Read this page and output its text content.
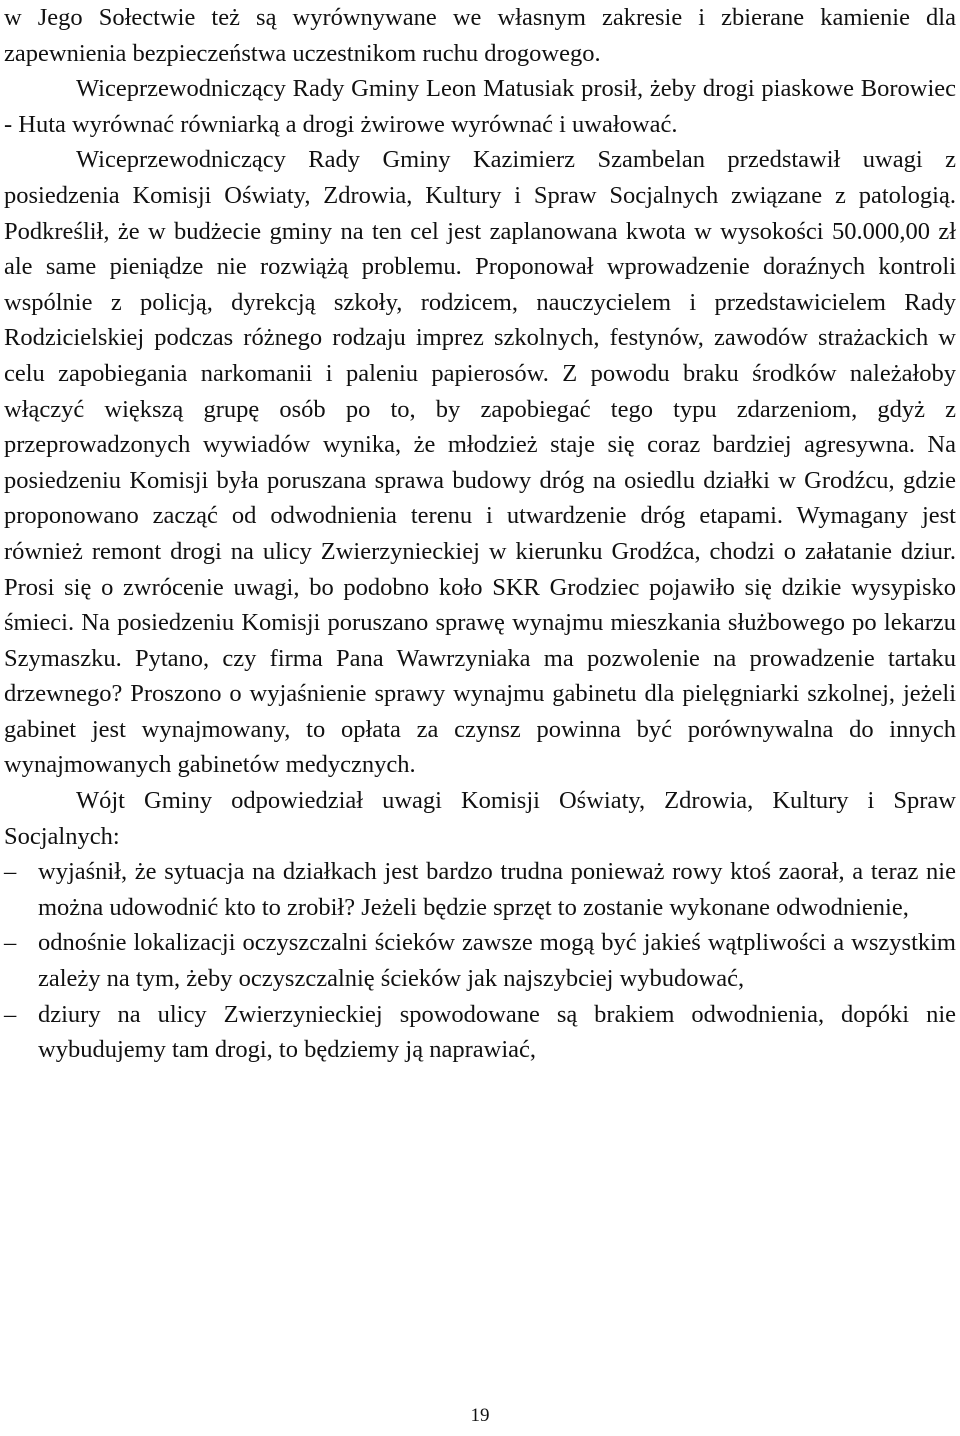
w Jego Sołectwie też są wyrównywane we własnym zakresie i zbierane kamienie dla zapewnienia bezpieczeństwa uczestnikom ruchu drogowego.

Wiceprzewodniczący Rady Gminy Leon Matusiak prosił, żeby drogi piaskowe Borowiec - Huta wyrównać równiarką a drogi żwirowe wyrównać i uwałować.

Wiceprzewodniczący Rady Gminy Kazimierz Szambelan przedstawił uwagi z posiedzenia Komisji Oświaty, Zdrowia, Kultury i Spraw Socjalnych związane z patologią. Podkreślił, że w budżecie gminy na ten cel jest zaplanowana kwota w wysokości 50.000,00 zł ale same pieniądze nie rozwiążą problemu. Proponował wprowadzenie doraźnych kontroli wspólnie z policją, dyrekcją szkoły, rodzicem, nauczycielem i przedstawicielem Rady Rodzicielskiej podczas różnego rodzaju imprez szkolnych, festynów, zawodów strażackich w celu zapobiegania narkomanii i paleniu papierosów. Z powodu braku środków należałoby włączyć większą grupę osób po to, by zapobiegać tego typu zdarzeniom, gdyż z przeprowadzonych wywiadów wynika, że młodzież staje się coraz bardziej agresywna. Na posiedzeniu Komisji była poruszana sprawa budowy dróg na osiedlu działki w Grodźcu, gdzie proponowano zacząć od odwodnienia terenu i utwardzenie dróg etapami. Wymagany jest również remont drogi na ulicy Zwierzynieckiej w kierunku Grodźca, chodzi o załatanie dziur. Prosi się o zwrócenie uwagi, bo podobno koło SKR Grodziec pojawiło się dzikie wysypisko śmieci. Na posiedzeniu Komisji poruszano sprawę wynajmu mieszkania służbowego po lekarzu Szymaszku. Pytano, czy firma Pana Wawrzyniaka ma pozwolenie na prowadzenie tartaku drzewnego? Proszono o wyjaśnienie sprawy wynajmu gabinetu dla pielęgniarki szkolnej, jeżeli gabinet jest wynajmowany, to opłata za czynsz powinna być porównywalna do innych wynajmowanych gabinetów medycznych.

Wójt Gminy odpowiedział uwagi Komisji Oświaty, Zdrowia, Kultury i Spraw Socjalnych:

– wyjaśnił, że sytuacja na działkach jest bardzo trudna ponieważ rowy ktoś zaorał, a teraz nie można udowodnić kto to zrobił? Jeżeli będzie sprzęt to zostanie wykonane odwodnienie,
– odnośnie lokalizacji oczyszczalni ścieków zawsze mogą być jakieś wątpliwości a wszystkim zależy na tym, żeby oczyszczalnię ścieków jak najszybciej wybudować,
– dziury na ulicy Zwierzynieckiej spowodowane są brakiem odwodnienia, dopóki nie wybudujemy tam drogi, to będziemy ją naprawiać,
19
